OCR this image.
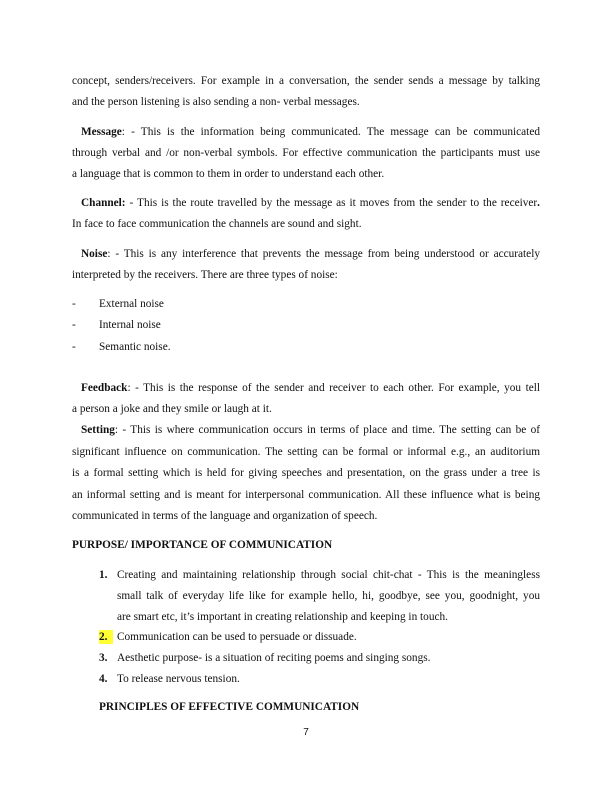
concept, senders/receivers. For example in a conversation, the sender sends a message by talking
and the person listening is also sending a non- verbal messages.
Message: - This is the information being communicated. The message can be communicated
through verbal and /or non-verbal symbols. For effective communication the participants must use
a language that is common to them in order to understand each other.
Channel: - This is the route travelled by the message as it moves from the sender to the receiver.
In face to face communication the channels are sound and sight.
Noise: - This is any interference that prevents the message from being understood or accurately
interpreted by the receivers. There are three types of noise:
- External noise
- Internal noise
- Semantic noise.
Feedback: - This is the response of the sender and receiver to each other. For example, you tell
a person a joke and they smile or laugh at it.
Setting: - This is where communication occurs in terms of place and time. The setting can be of
significant influence on communication. The setting can be formal or informal e.g., an auditorium
is a formal setting which is held for giving speeches and presentation, on the grass under a tree is
an informal setting and is meant for interpersonal communication. All these influence what is being
communicated in terms of the language and organization of speech.
PURPOSE/ IMPORTANCE OF COMMUNICATION
1. Creating and maintaining relationship through social chit-chat - This is the meaningless
small talk of everyday life like for example hello, hi, goodbye, see you, goodnight, you
are smart etc, it’s important in creating relationship and keeping in touch.
2. Communication can be used to persuade or dissuade.
3. Aesthetic purpose- is a situation of reciting poems and singing songs.
4. To release nervous tension.
PRINCIPLES OF EFFECTIVE COMMUNICATION
7
